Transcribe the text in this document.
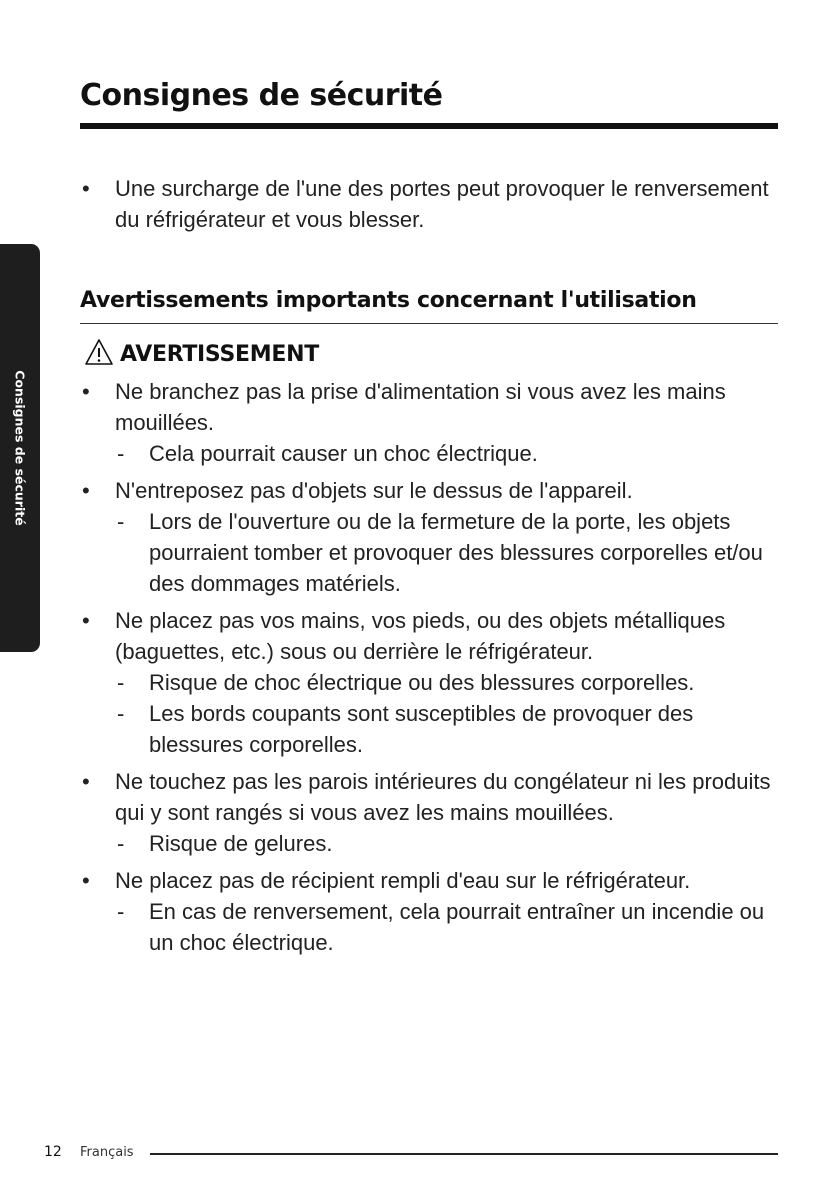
Consignes de sécurité
Consignes de sécurité
• Une surcharge de l'une des portes peut provoquer le renversement du réfrigérateur et vous blesser.
Avertissements importants concernant l'utilisation
AVERTISSEMENT
• Ne branchez pas la prise d'alimentation si vous avez les mains mouillées.
- Cela pourrait causer un choc électrique.
• N'entreposez pas d'objets sur le dessus de l'appareil.
- Lors de l'ouverture ou de la fermeture de la porte, les objets pourraient tomber et provoquer des blessures corporelles et/ou des dommages matériels.
• Ne placez pas vos mains, vos pieds, ou des objets métalliques (baguettes, etc.) sous ou derrière le réfrigérateur.
- Risque de choc électrique ou des blessures corporelles.
- Les bords coupants sont susceptibles de provoquer des blessures corporelles.
• Ne touchez pas les parois intérieures du congélateur ni les produits qui y sont rangés si vous avez les mains mouillées.
- Risque de gelures.
• Ne placez pas de récipient rempli d'eau sur le réfrigérateur.
- En cas de renversement, cela pourrait entraîner un incendie ou un choc électrique.
12 Français
